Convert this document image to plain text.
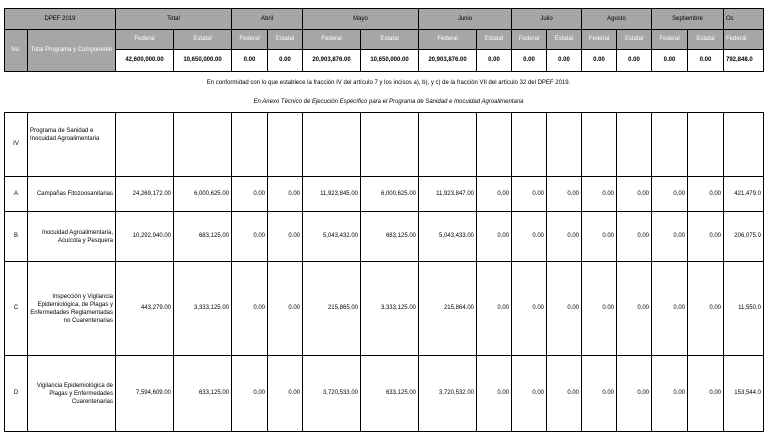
DPEF 2019		Total		Abril		Mayo		Junio		Julio		Agosto		Septiembre		Oc
No.	Total Programa y Componente	Federal	Estatal	Federal	Estatal	Federal	Estatal	Federal	Estatal	Federal	Estatal	Federal	Estatal	Federal	Estatal	Federal
		42,600,000.00	10,650,000.00	0.00	0.00	20,903,876.00	10,650,000.00	20,903,876.00	0.00	0.00	0.00	0.00	0.00	0.00	0.00	792,848.0
En conformidad con lo que establece la fracción IV del artículo 7 y los incisos a), b), y c) de la fracción VII del artículo 32 del DPEF 2019.
En Anexo Técnico de Ejecución Específico para el Programa de Sanidad e Inocuidad Agroalimentaria
IV	Programa de Sanidad e Inocuidad Agroalimentaria															
A	Campañas Fitozoosanitarias	24,269,172.00	6,000,625.00	0.00	0.00	11,923,845.00	6,000,625.00	11,923,847.00	0.00	0.00	0.00	0.00	0.00	0.00	0.00	421,479.0
B	Inocuidad Agroalimentaria, Acuícola y Pesquera	10,292,940.00	683,125.00	0.00	0.00	5,043,432.00	683,125.00	5,043,433.00	0.00	0.00	0.00	0.00	0.00	0.00	0.00	206,075.0
C	Inspección y Vigilancia Epidemiológica, de Plagas y Enfermedades Reglamentadas no Cuarentenarias	443,279.00	3,333,125.00	0.00	0.00	215,865.00	3,333,125.00	215,864.00	0.00	0.00	0.00	0.00	0.00	0.00	0.00	11,550.0
D	Vigilancia Epidemiológica de Plagas y Enfermedades Cuarentenarias	7,594,609.00	633,125.00	0.00	0.00	3,720,533.00	633,125.00	3,720,532.00	0.00	0.00	0.00	0.00	0.00	0.00	0.00	153,544.0
